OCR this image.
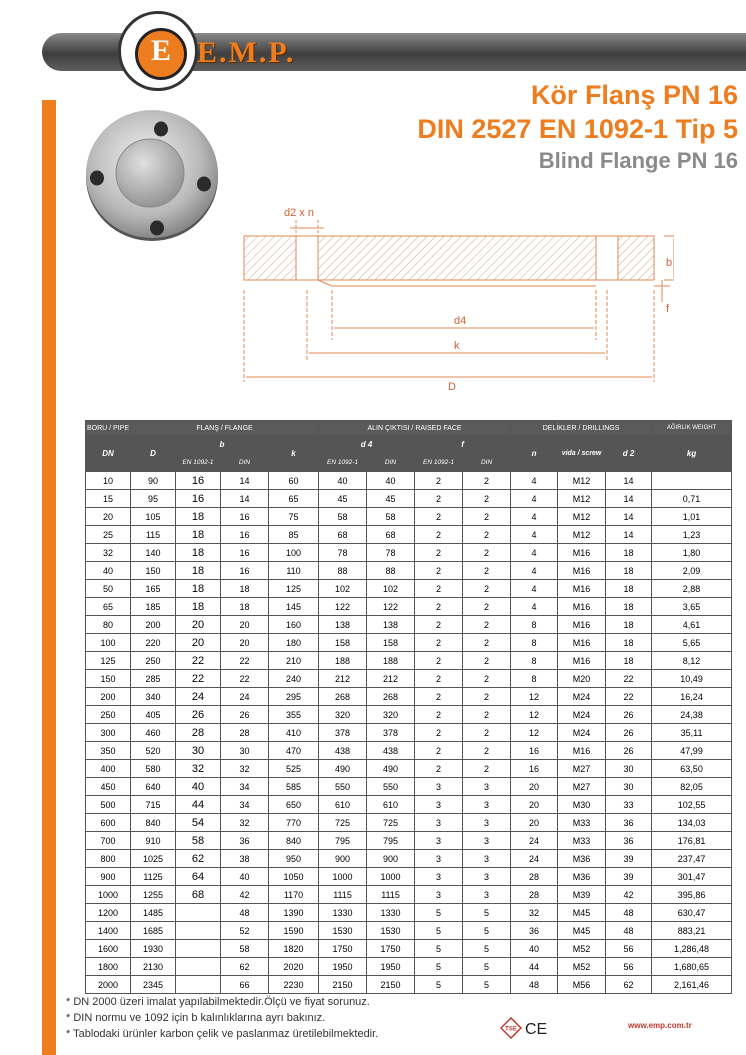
E E.M.P.
Kör Flanş PN 16
DIN 2527 EN 1092-1 Tip 5
Blind Flange PN 16
d2 x n
b
f
d4
k
D
BORU / PIPE	FLANŞ / FLANGE				ALIN ÇIKTISI / RAISED FACE				DELİKLER / DRILLINGS			AĞIRLIK WEIGHT
DN	D	b		k	d 4		f		n	vida / screw	d 2	kg
		EN 1092-1	DIN		EN 1092-1	DIN	EN 1092-1	DIN				
10	90	16	14	60	40	40	2	2	4	M12	14	
15	95	16	14	65	45	45	2	2	4	M12	14	0,71
20	105	18	16	75	58	58	2	2	4	M12	14	1,01
25	115	18	16	85	68	68	2	2	4	M12	14	1,23
32	140	18	16	100	78	78	2	2	4	M16	18	1,80
40	150	18	16	110	88	88	2	2	4	M16	18	2,09
50	165	18	18	125	102	102	2	2	4	M16	18	2,88
65	185	18	18	145	122	122	2	2	4	M16	18	3,65
80	200	20	20	160	138	138	2	2	8	M16	18	4,61
100	220	20	20	180	158	158	2	2	8	M16	18	5,65
125	250	22	22	210	188	188	2	2	8	M16	18	8,12
150	285	22	22	240	212	212	2	2	8	M20	22	10,49
200	340	24	24	295	268	268	2	2	12	M24	22	16,24
250	405	26	26	355	320	320	2	2	12	M24	26	24,38
300	460	28	28	410	378	378	2	2	12	M24	26	35,11
350	520	30	30	470	438	438	2	2	16	M16	26	47,99
400	580	32	32	525	490	490	2	2	16	M27	30	63,50
450	640	40	34	585	550	550	3	3	20	M27	30	82,05
500	715	44	34	650	610	610	3	3	20	M30	33	102,55
600	840	54	32	770	725	725	3	3	20	M33	36	134,03
700	910	58	36	840	795	795	3	3	24	M33	36	176,81
800	1025	62	38	950	900	900	3	3	24	M36	39	237,47
900	1125	64	40	1050	1000	1000	3	3	28	M36	39	301,47
1000	1255	68	42	1170	1115	1115	3	3	28	M39	42	395,86
1200	1485		48	1390	1330	1330	5	5	32	M45	48	630,47
1400	1685		52	1590	1530	1530	5	5	36	M45	48	883,21
1600	1930		58	1820	1750	1750	5	5	40	M52	56	1,286,48
1800	2130		62	2020	1950	1950	5	5	44	M52	56	1,680,65
2000	2345		66	2230	2150	2150	5	5	48	M56	62	2,161,46
* DN 2000 üzeri imalat yapılabilmektedir.Ölçü ve fiyat sorunuz.
* DIN normu ve 1092 için b kalınlıklarına ayrı bakınız.
* Tablodaki ürünler karbon çelik ve paslanmaz üretilebilmektedir.	TSE CE	www.emp.com.tr
